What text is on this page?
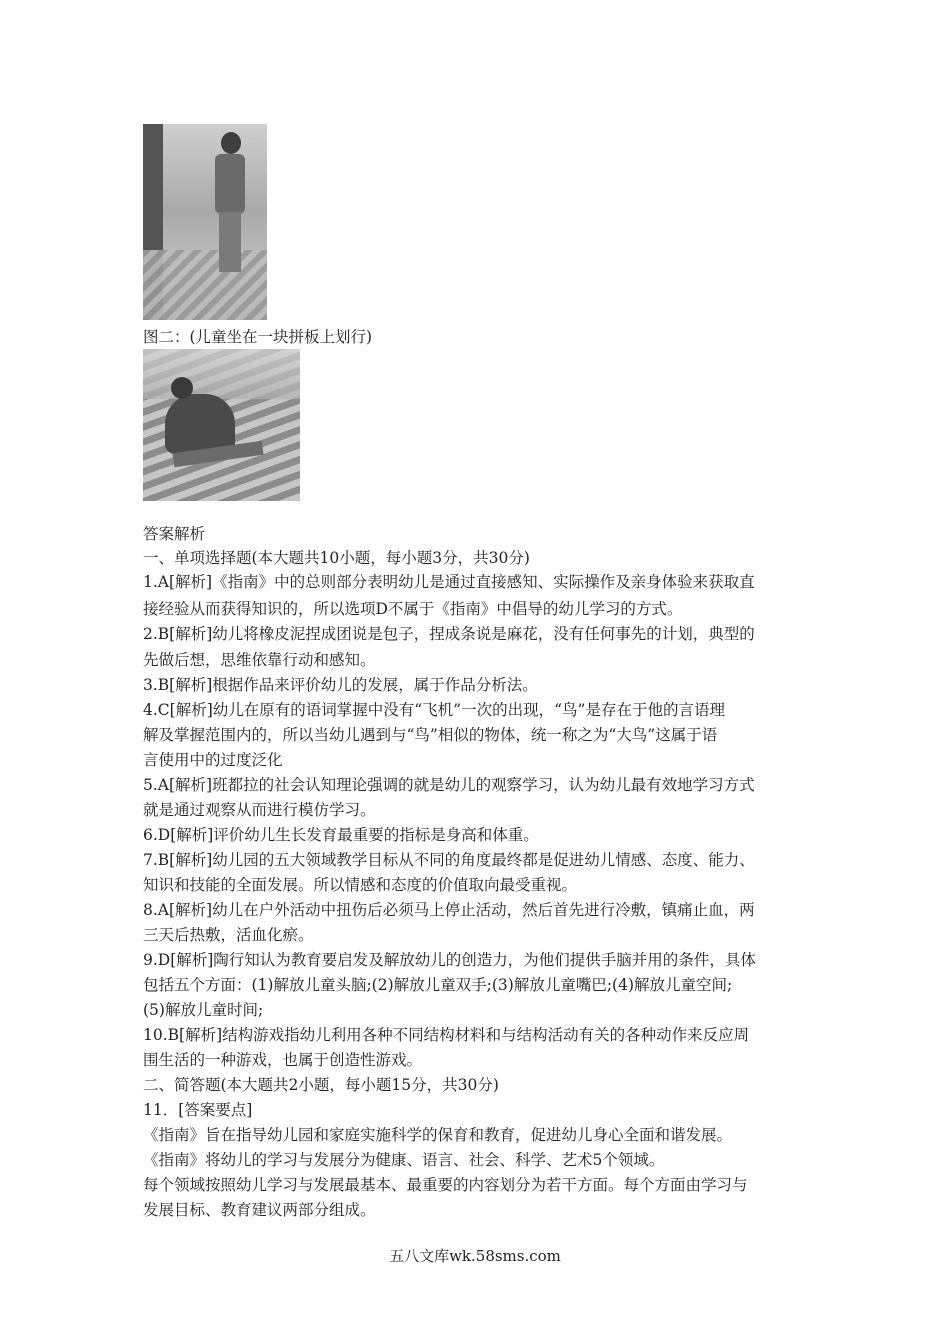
图二：(儿童坐在一块拼板上划行)
答案解析
一、单项选择题(本大题共10小题，每小题3分，共30分)
1.A[解析]《指南》中的总则部分表明幼儿是通过直接感知、实际操作及亲身体验来获取直
接经验从而获得知识的，所以选项D不属于《指南》中倡导的幼儿学习的方式。
2.B[解析]幼儿将橡皮泥捏成团说是包子，捏成条说是麻花，没有任何事先的计划，典型的
先做后想，思维依靠行动和感知。
3.B[解析]根据作品来评价幼儿的发展，属于作品分析法。
4.C[解析]幼儿在原有的语词掌握中没有“飞机”一次的出现，“鸟”是存在于他的言语理
解及掌握范围内的，所以当幼儿遇到与“鸟”相似的物体，统一称之为“大鸟”这属于语
言使用中的过度泛化
5.A[解析]班都拉的社会认知理论强调的就是幼儿的观察学习，认为幼儿最有效地学习方式
就是通过观察从而进行模仿学习。
6.D[解析]评价幼儿生长发育最重要的指标是身高和体重。
7.B[解析]幼儿园的五大领域教学目标从不同的角度最终都是促进幼儿情感、态度、能力、
知识和技能的全面发展。所以情感和态度的价值取向最受重视。
8.A[解析]幼儿在户外活动中扭伤后必须马上停止活动，然后首先进行冷敷，镇痛止血，两
三天后热敷，活血化瘀。
9.D[解析]陶行知认为教育要启发及解放幼儿的创造力，为他们提供手脑并用的条件，具体
包括五个方面：(1)解放儿童头脑;(2)解放儿童双手;(3)解放儿童嘴巴;(4)解放儿童空间;
(5)解放儿童时间;
10.B[解析]结构游戏指幼儿利用各种不同结构材料和与结构活动有关的各种动作来反应周
围生活的一种游戏，也属于创造性游戏。
二、简答题(本大题共2小题，每小题15分，共30分)
11．[答案要点]
《指南》旨在指导幼儿园和家庭实施科学的保育和教育，促进幼儿身心全面和谐发展。
《指南》将幼儿的学习与发展分为健康、语言、社会、科学、艺术5个领域。
每个领域按照幼儿学习与发展最基本、最重要的内容划分为若干方面。每个方面由学习与
发展目标、教育建议两部分组成。
五八文库wk.58sms.com
